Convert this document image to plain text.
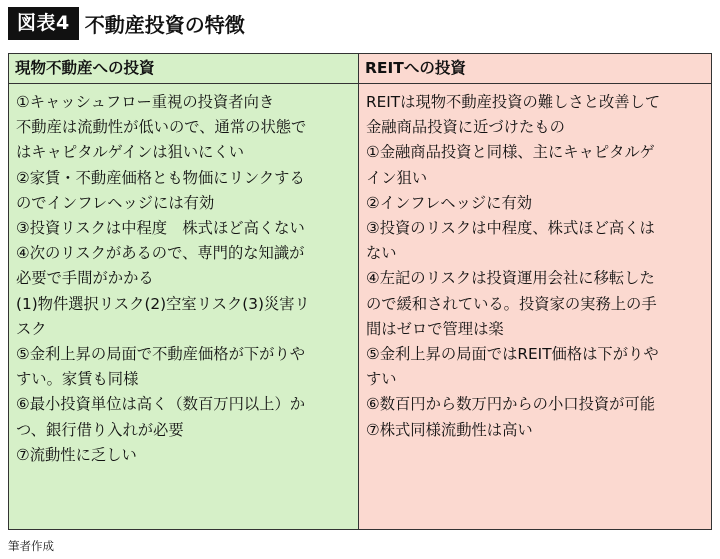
図表4 不動産投資の特徴
現物不動産への投資	REITへの投資
①キャッシュフロー重視の投資者向き
不動産は流動性が低いので、通常の状態で
はキャピタルゲインは狙いにくい
②家賃・不動産価格とも物価にリンクする
のでインフレヘッジには有効
③投資リスクは中程度　株式ほど高くない
④次のリスクがあるので、専門的な知識が
必要で手間がかかる
(1)物件選択リスク(2)空室リスク(3)災害リ
スク
⑤金利上昇の局面で不動産価格が下がりや
すい。家賃も同様
⑥最小投資単位は高く（数百万円以上）か
つ、銀行借り入れが必要
⑦流動性に乏しい
REITは現物不動産投資の難しさと改善して
金融商品投資に近づけたもの
①金融商品投資と同様、主にキャピタルゲ
イン狙い
②インフレヘッジに有効
③投資のリスクは中程度、株式ほど高くは
ない
④左記のリスクは投資運用会社に移転した
ので緩和されている。投資家の実務上の手
間はゼロで管理は楽
⑤金利上昇の局面ではREIT価格は下がりや
すい
⑥数百円から数万円からの小口投資が可能
⑦株式同様流動性は高い
筆者作成
